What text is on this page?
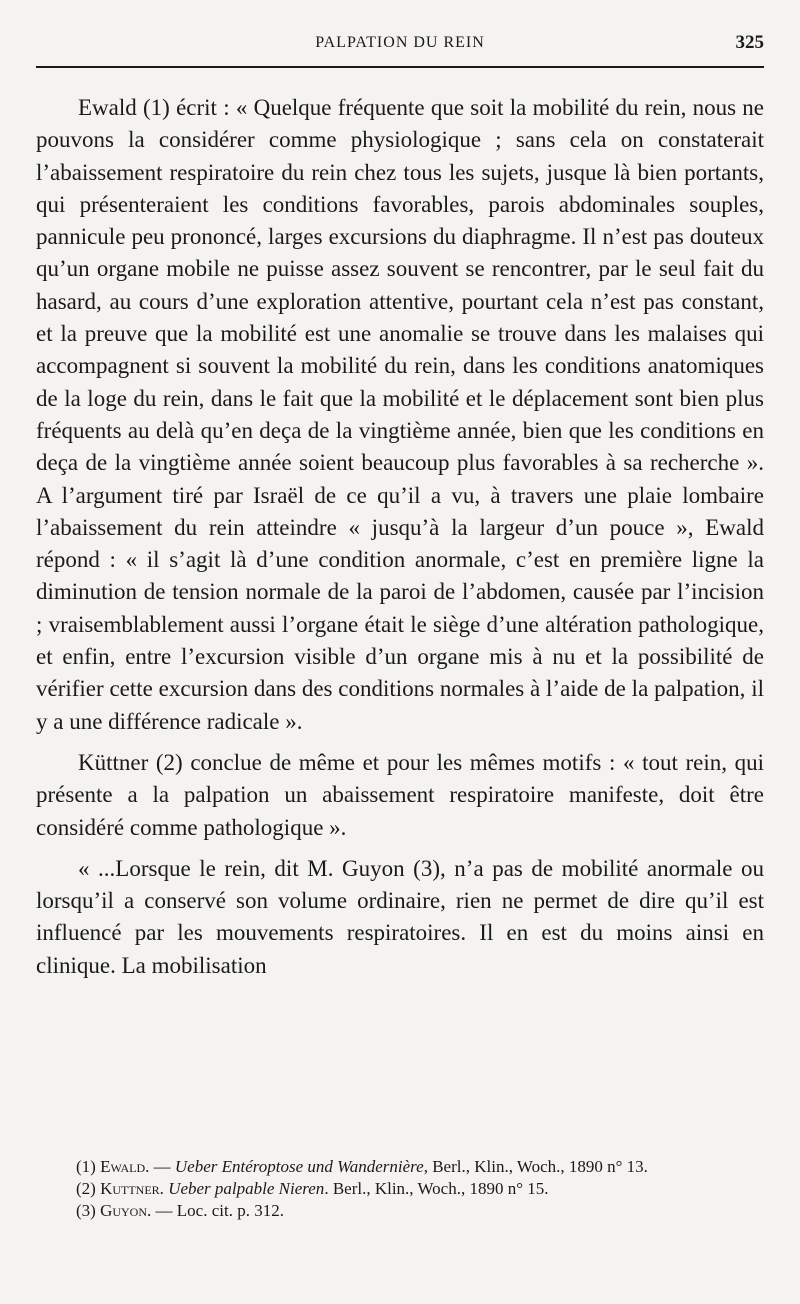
PALPATION DU REIN	325

Ewald (1) écrit : « Quelque fréquente que soit la mobilité du rein, nous ne pouvons la considérer comme physiologique ; sans cela on constaterait l’abaissement respiratoire du rein chez tous les sujets, jusque là bien portants, qui présenteraient les conditions favorables, parois abdominales souples, pannicule peu prononcé, larges excursions du diaphragme. Il n’est pas douteux qu’un organe mobile ne puisse assez souvent se rencontrer, par le seul fait du hasard, au cours d’une exploration attentive, pourtant cela n’est pas constant, et la preuve que la mobilité est une anomalie se trouve dans les malaises qui accompagnent si souvent la mobilité du rein, dans les conditions anatomiques de la loge du rein, dans le fait que la mobilité et le déplacement sont bien plus fréquents au delà qu’en deça de la vingtième année, bien que les conditions en deça de la vingtième année soient beaucoup plus favorables à sa recherche ». A l’argument tiré par Israël de ce qu’il a vu, à travers une plaie lombaire l’abaissement du rein atteindre « jusqu’à la largeur d’un pouce », Ewald répond : « il s’agit là d’une condition anormale, c’est en première ligne la diminution de tension normale de la paroi de l’abdomen, causée par l’incision ; vraisemblablement aussi l’organe était le siège d’une altération pathologique, et enfin, entre l’excursion visible d’un organe mis à nu et la possibilité de vérifier cette excursion dans des conditions normales à l’aide de la palpation, il y a une différence radicale ».

Küttner (2) conclue de même et pour les mêmes motifs : « tout rein, qui présente a la palpation un abaissement respiratoire manifeste, doit être considéré comme pathologique ».

« ...Lorsque le rein, dit M. Guyon (3), n’a pas de mobilité anormale ou lorsqu’il a conservé son volume ordinaire, rien ne permet de dire qu’il est influencé par les mouvements respiratoires. Il en est du moins ainsi en clinique. La mobilisation

(1) Ewald. — Ueber Entéroptose und Wandernière, Berl., Klin., Woch., 1890 n° 13.

(2) Kuttner. Ueber palpable Nieren. Berl., Klin., Woch., 1890 n° 15.

(3) Guyon. — Loc. cit. p. 312.
